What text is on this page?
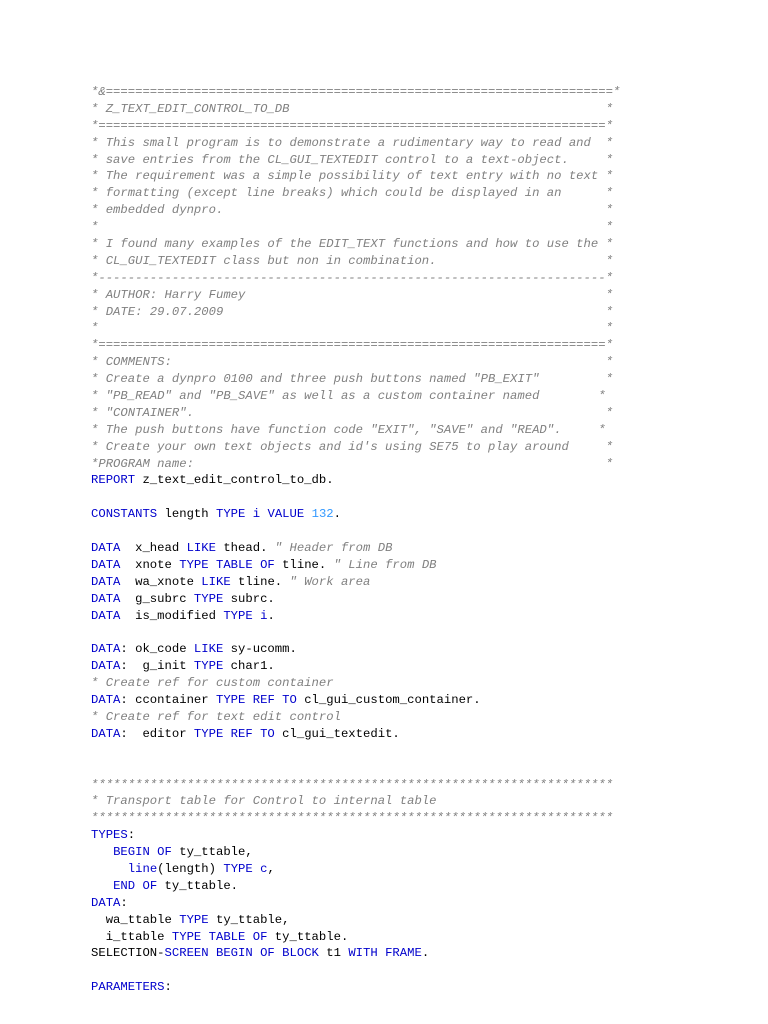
*&=====================================================================*
* Z_TEXT_EDIT_CONTROL_TO_DB                                           *
*=====================================================================*
* This small program is to demonstrate a rudimentary way to read and  *
* save entries from the CL_GUI_TEXTEDIT control to a text-object.     *
* The requirement was a simple possibility of text entry with no text *
* formatting (except line breaks) which could be displayed in an      *
* embedded dynpro.                                                    *
*                                                                     *
* I found many examples of the EDIT_TEXT functions and how to use the *
* CL_GUI_TEXTEDIT class but non in combination.                       *
*---------------------------------------------------------------------*
* AUTHOR: Harry Fumey                                                 *
* DATE: 29.07.2009                                                    *
*                                                                     *
*=====================================================================*
* COMMENTS:                                                           *
* Create a dynpro 0100 and three push buttons named "PB_EXIT"         *
* "PB_READ" and "PB_SAVE" as well as a custom container named        *
* "CONTAINER".                                                        *
* The push buttons have function code "EXIT", "SAVE" and "READ".     *
* Create your own text objects and id's using SE75 to play around     *
*PROGRAM name:                                                        *
REPORT z_text_edit_control_to_db.

CONSTANTS length TYPE i VALUE 132.

DATA  x_head LIKE thead. " Header from DB
DATA  xnote TYPE TABLE OF tline. " Line from DB
DATA  wa_xnote LIKE tline. " Work area
DATA  g_subrc TYPE subrc.
DATA  is_modified TYPE i.

DATA: ok_code LIKE sy-ucomm.
DATA:  g_init TYPE char1.
* Create ref for custom container
DATA: ccontainer TYPE REF TO cl_gui_custom_container.
* Create ref for text edit control
DATA:  editor TYPE REF TO cl_gui_textedit.

***********************************************************************
* Transport table for Control to internal table
***********************************************************************
TYPES:
BEGIN OF ty_ttable,
line(length) TYPE c,
END OF ty_ttable.
DATA:
wa_ttable TYPE ty_ttable,
i_ttable TYPE TABLE OF ty_ttable.
SELECTION-SCREEN BEGIN OF BLOCK t1 WITH FRAME.

PARAMETERS:
